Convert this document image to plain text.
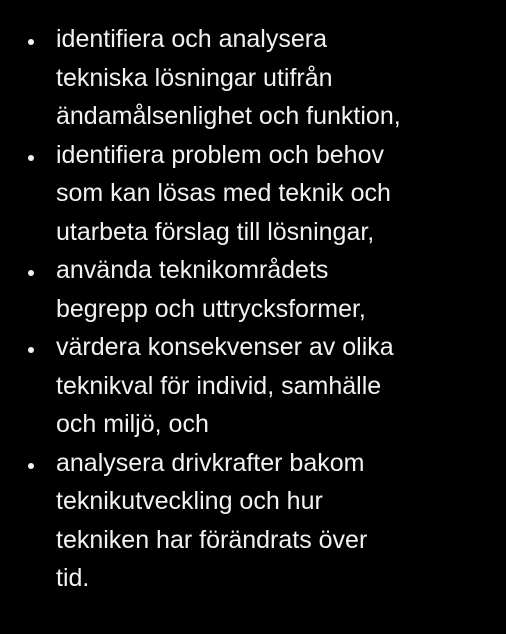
identifiera och analysera
tekniska lösningar utifrån
ändamålsenlighet och funktion,
identifiera problem och behov
som kan lösas med teknik och
utarbeta förslag till lösningar,
använda teknikområdets
begrepp och uttrycksformer,
värdera konsekvenser av olika
teknikval för individ, samhälle
och miljö, och
analysera drivkrafter bakom
teknikutveckling och hur
tekniken har förändrats över
tid.
